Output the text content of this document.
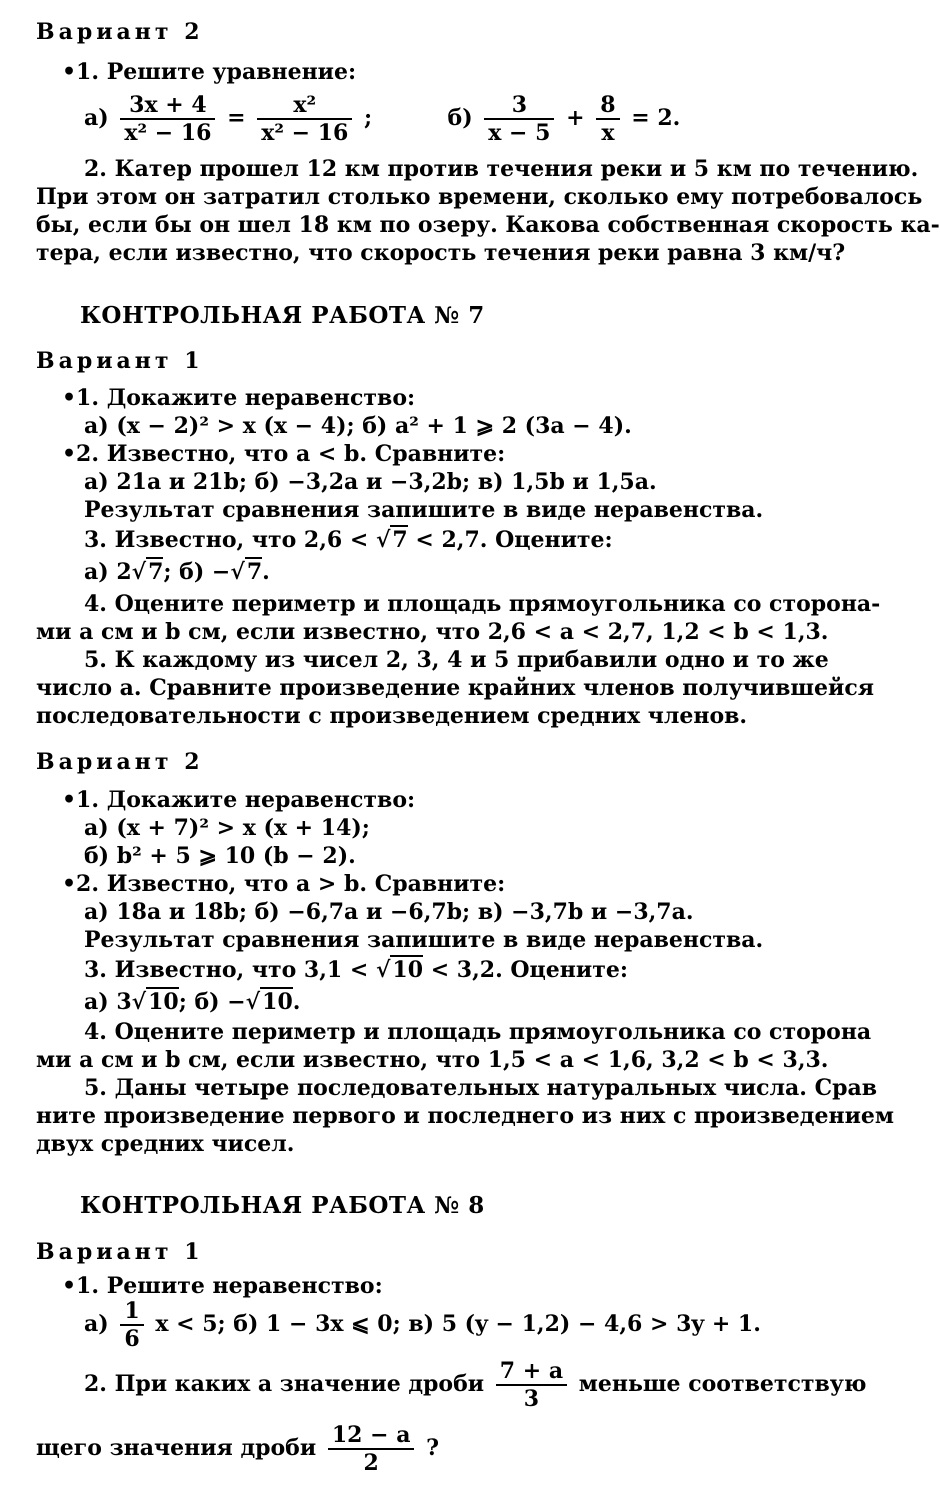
Вариант 2
•1. Решите уравнение:
$а) \frac{3x + 4}{\text{x² − 16}} = \frac{\text{x²}}{\text{x² − 16}}$ ;	$б) \frac{3}{x - 5} + \frac{8}{x} = 2$.
2. Катер прошел 12 км против течения реки и 5 км по течению.
При этом он затратил столько времени, сколько ему потребовалось
бы, если бы он шел 18 км по озеру. Какова собственная скорость ка-
тера, если известно, что скорость течения реки равна 3 км/ч?
КОНТРОЛЬНАЯ РАБОТА № 7
Вариант 1
•1. Докажите неравенство:
а) (x − 2)² > x (x − 4); б) a² + 1 ⩾ 2 (3a − 4).
•2. Известно, что a < b. Сравните:
а) 21a и 21b; б) −3,2a и −3,2b; в) 1,5b и 1,5a.
Результат сравнения запишите в виде неравенства.
3. Известно, что 2,6 < √7 < 2,7. Оцените:
а) 2√7; б) −√7.
4. Оцените периметр и площадь прямоугольника со сторона-
ми a см и b см, если известно, что 2,6 < a < 2,7, 1,2 < b < 1,3.
5. К каждому из чисел 2, 3, 4 и 5 прибавили одно и то же
число a. Сравните произведение крайних членов получившейся
последовательности с произведением средних членов.
Вариант 2
•1. Докажите неравенство:
а) (x + 7)² > x (x + 14);
б) b² + 5 ⩾ 10 (b − 2).
•2. Известно, что a > b. Сравните:
а) 18a и 18b; б) −6,7a и −6,7b; в) −3,7b и −3,7a.
Результат сравнения запишите в виде неравенства.
3. Известно, что 3,1 < √10 < 3,2. Оцените:
а) 3√10; б) −√10.
4. Оцените периметр и площадь прямоугольника со сторона
ми a см и b см, если известно, что 1,5 < a < 1,6, 3,2 < b < 3,3.
5. Даны четыре последовательных натуральных числа. Срав
ните произведение первого и последнего из них с произведением
двух средних чисел.
КОНТРОЛЬНАЯ РАБОТА № 8
Вариант 1
•1. Решите неравенство:
$а) \frac{1}{6}$ x < 5; б) 1 − 3x ⩽ 0; в) 5 (y − 1,2) − 4,6 > 3y + 1.
2. При каких a значение дроби $\frac{7 + a}{3}$ меньше соответствую
щего значения дроби $\frac{12 - a}{2}$ ?
